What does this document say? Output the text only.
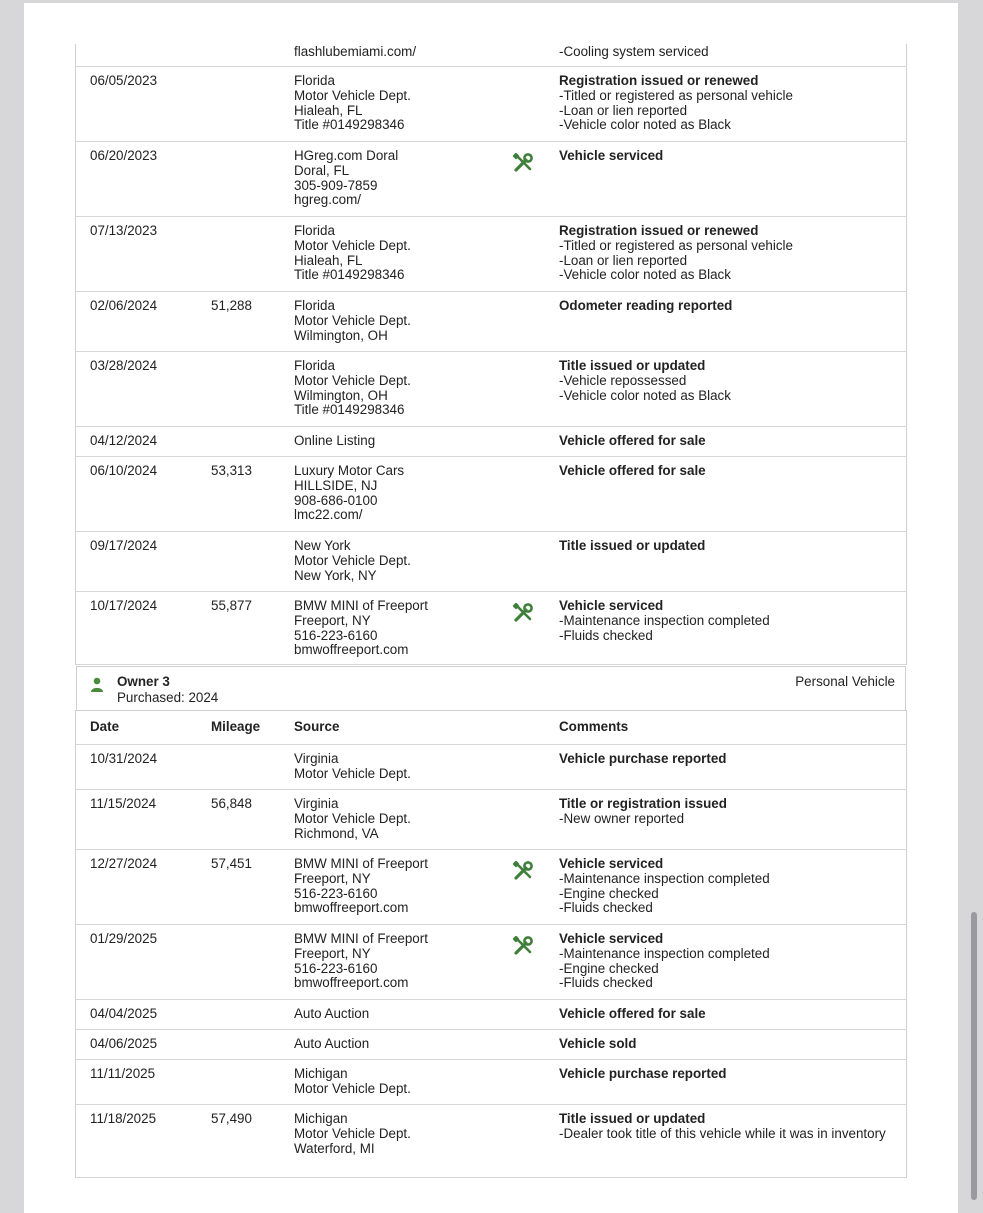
flashlubemiami.com/
-	Cooling system serviced
06/05/2023	Florida
Motor Vehicle Dept.
Hialeah, FL
Title #0149298346
Registration issued or renewed
- Titled or registered as personal vehicle
- Loan or lien reported
- Vehicle color noted as Black
06/20/2023	HGreg.com Doral
Doral, FL
305-909-7859
hgreg.com/
Vehicle serviced
07/13/2023	Florida
Motor Vehicle Dept.
Hialeah, FL
Title #0149298346
Registration issued or renewed
- Titled or registered as personal vehicle
- Loan or lien reported
- Vehicle color noted as Black
02/06/2024	51,288	Florida
Motor Vehicle Dept.
Wilmington, OH
Odometer reading reported
03/28/2024	Florida
Motor Vehicle Dept.
Wilmington, OH
Title #0149298346
Title issued or updated
- Vehicle repossessed
- Vehicle color noted as Black
04/12/2024	Online Listing	Vehicle offered for sale
06/10/2024	53,313	Luxury Motor Cars
HILLSIDE, NJ
908-686-0100
lmc22.com/
Vehicle offered for sale
09/17/2024	New York
Motor Vehicle Dept.
New York, NY
Title issued or updated
10/17/2024	55,877	BMW MINI of Freeport
Freeport, NY
516-223-6160
bmwoffreeport.com
Vehicle serviced
- Maintenance inspection completed
- Fluids checked
Owner 3
Purchased: 2024
Personal Vehicle
Date	Mileage	Source	Comments
10/31/2024	Virginia
Motor Vehicle Dept.
Vehicle purchase reported
11/15/2024	56,848	Virginia
Motor Vehicle Dept.
Richmond, VA
Title or registration issued
- New owner reported
12/27/2024	57,451	BMW MINI of Freeport
Freeport, NY
516-223-6160
bmwoffreeport.com
Vehicle serviced
- Maintenance inspection completed
- Engine checked
- Fluids checked
01/29/2025	BMW MINI of Freeport
Freeport, NY
516-223-6160
bmwoffreeport.com
Vehicle serviced
- Maintenance inspection completed
- Engine checked
- Fluids checked
04/04/2025	Auto Auction	Vehicle offered for sale
04/06/2025	Auto Auction	Vehicle sold
11/11/2025	Michigan
Motor Vehicle Dept.
Vehicle purchase reported
11/18/2025	57,490	Michigan
Motor Vehicle Dept.
Waterford, MI
Title issued or updated
- Dealer took title of this vehicle while it was in inventory
